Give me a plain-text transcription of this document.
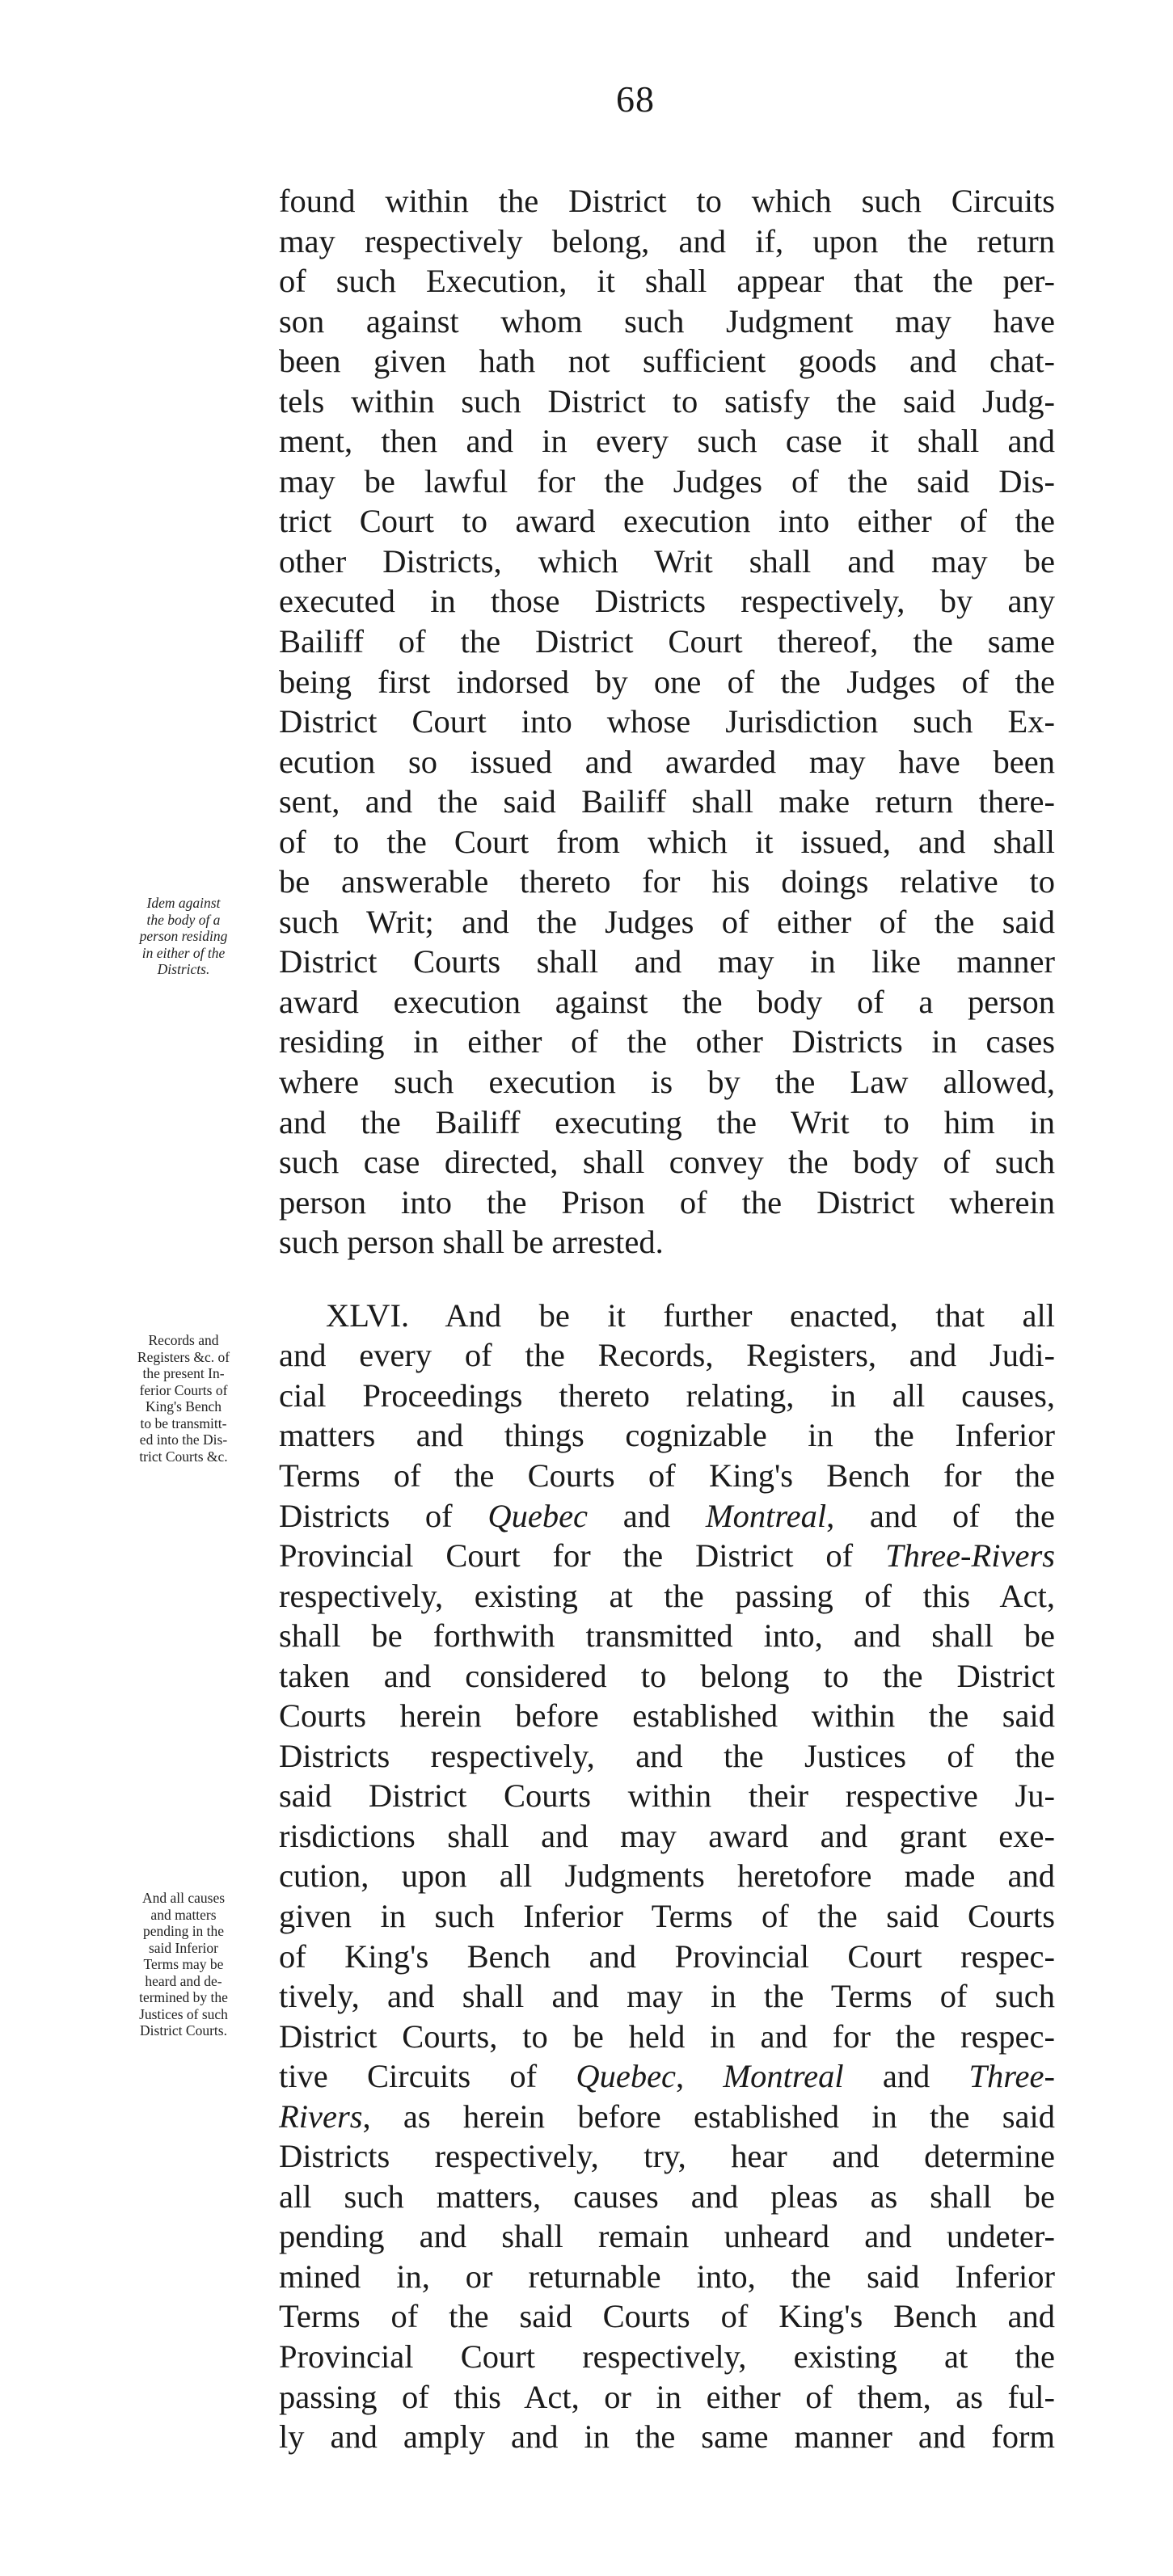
68

found within the District to which such Circuits
may respectively belong, and if, upon the return
of such Execution, it shall appear that the per-
son against whom such Judgment may have
been given hath not sufficient goods and chat-
tels within such District to satisfy the said Judg-
ment, then and in every such case it shall and
may be lawful for the Judges of the said Dis-
trict Court to award execution into either of the
other Districts, which Writ shall and may be
executed in those Districts respectively, by any
Bailiff of the District Court thereof, the same
being first indorsed by one of the Judges of the
District Court into whose Jurisdiction such Ex-
ecution so issued and awarded may have been
sent, and the said Bailiff shall make return there-
of to the Court from which it issued, and shall
be answerable thereto for his doings relative to
such Writ; and the Judges of either of the said
District Courts shall and may in like manner
award execution against the body of a person
residing in either of the other Districts in cases
where such execution is by the Law allowed,
and the Bailiff executing the Writ to him in
such case directed, shall convey the body of such
person into the Prison of the District wherein
such person shall be arrested.

XLVI. And be it further enacted, that all
and every of the Records, Registers, and Judi-
cial Proceedings thereto relating, in all causes,
matters and things cognizable in the Inferior
Terms of the Courts of King's Bench for the
Districts of Quebec and Montreal, and of the
Provincial Court for the District of Three-Rivers
respectively, existing at the passing of this Act,
shall be forthwith transmitted into, and shall be
taken and considered to belong to the District
Courts herein before established within the said
Districts respectively, and the Justices of the
said District Courts within their respective Ju-
risdictions shall and may award and grant exe-
cution, upon all Judgments heretofore made and
given in such Inferior Terms of the said Courts
of King's Bench and Provincial Court respec-
tively, and shall and may in the Terms of such
District Courts, to be held in and for the respec-
tive Circuits of Quebec, Montreal and Three-
Rivers, as herein before established in the said
Districts respectively, try, hear and determine
all such matters, causes and pleas as shall be
pending and shall remain unheard and undeter-
mined in, or returnable into, the said Inferior
Terms of the said Courts of King's Bench and
Provincial Court respectively, existing at the
passing of this Act, or in either of them, as ful-
ly and amply and in the same manner and form

Idem against
the body of a
person residing
in either of the
Districts.
Records and
Registers &c. of
the present In-
ferior Courts of
King's Bench
to be transmitt-
ed into the Dis-
trict Courts &c.
And all causes
and matters
pending in the
said Inferior
Terms may be
heard and de-
termined by the
Justices of such
District Courts.
